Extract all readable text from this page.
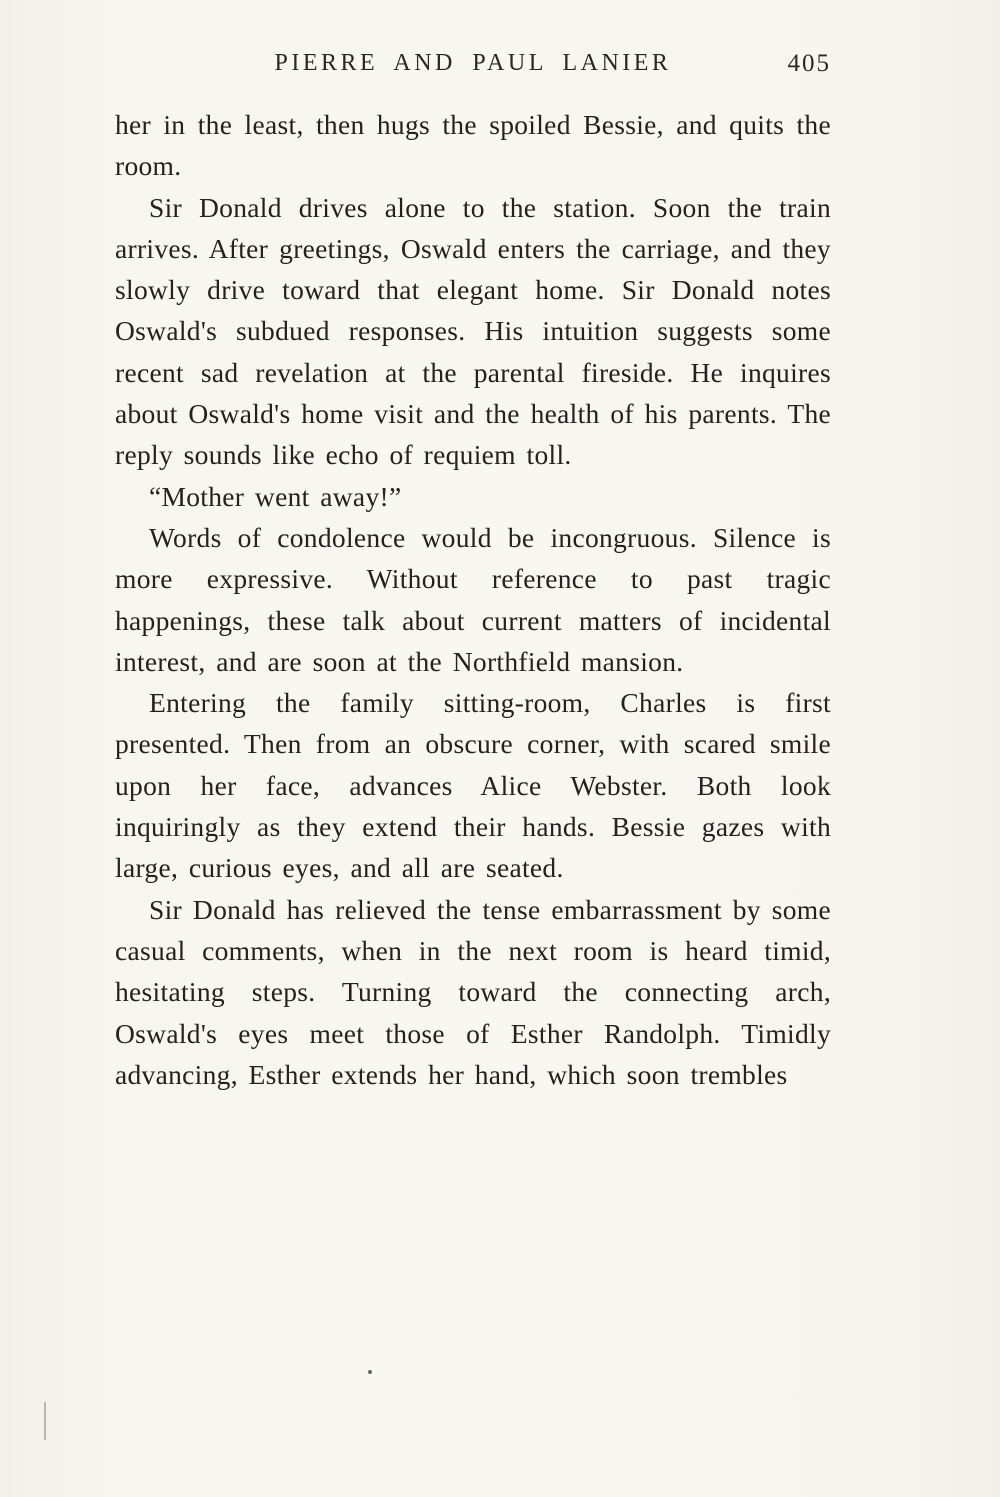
PIERRE AND PAUL LANIER	405

her in the least, then hugs the spoiled Bessie, and quits the room.

Sir Donald drives alone to the station. Soon the train arrives. After greetings, Oswald enters the carriage, and they slowly drive toward that elegant home. Sir Donald notes Oswald's subdued responses. His intuition suggests some recent sad revelation at the parental fireside. He inquires about Oswald's home visit and the health of his parents. The reply sounds like echo of requiem toll.

“Mother went away!”

Words of condolence would be incongruous. Silence is more expressive. Without reference to past tragic happenings, these talk about current matters of incidental interest, and are soon at the Northfield mansion.

Entering the family sitting-room, Charles is first presented. Then from an obscure corner, with scared smile upon her face, advances Alice Webster. Both look inquiringly as they extend their hands. Bessie gazes with large, curious eyes, and all are seated.

Sir Donald has relieved the tense embarrassment by some casual comments, when in the next room is heard timid, hesitating steps. Turning toward the connecting arch, Oswald's eyes meet those of Esther Randolph. Timidly advancing, Esther extends her hand, which soon trembles
